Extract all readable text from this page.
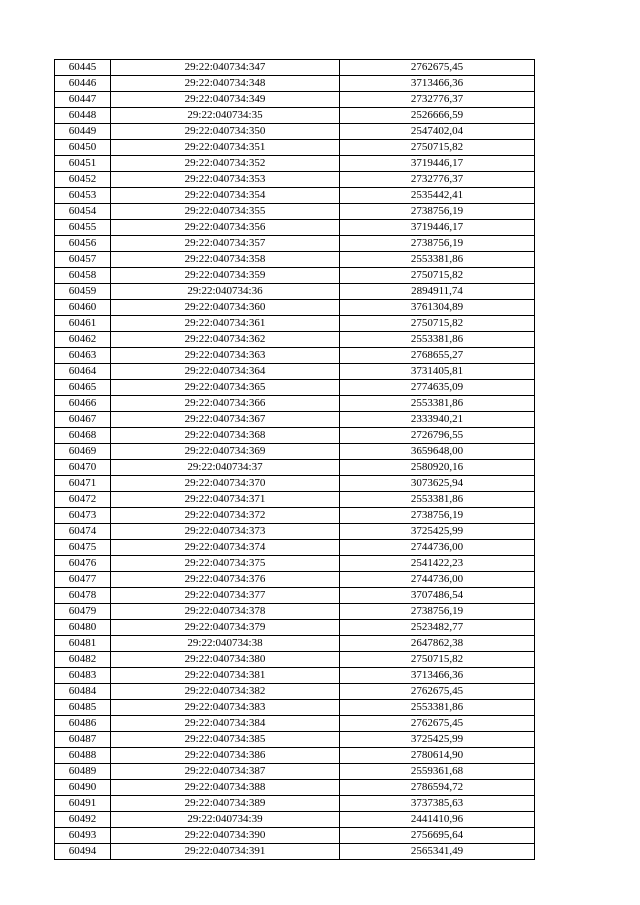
60445	29:22:040734:347	2762675,45
60446	29:22:040734:348	3713466,36
60447	29:22:040734:349	2732776,37
60448	29:22:040734:35	2526666,59
60449	29:22:040734:350	2547402,04
60450	29:22:040734:351	2750715,82
60451	29:22:040734:352	3719446,17
60452	29:22:040734:353	2732776,37
60453	29:22:040734:354	2535442,41
60454	29:22:040734:355	2738756,19
60455	29:22:040734:356	3719446,17
60456	29:22:040734:357	2738756,19
60457	29:22:040734:358	2553381,86
60458	29:22:040734:359	2750715,82
60459	29:22:040734:36	2894911,74
60460	29:22:040734:360	3761304,89
60461	29:22:040734:361	2750715,82
60462	29:22:040734:362	2553381,86
60463	29:22:040734:363	2768655,27
60464	29:22:040734:364	3731405,81
60465	29:22:040734:365	2774635,09
60466	29:22:040734:366	2553381,86
60467	29:22:040734:367	2333940,21
60468	29:22:040734:368	2726796,55
60469	29:22:040734:369	3659648,00
60470	29:22:040734:37	2580920,16
60471	29:22:040734:370	3073625,94
60472	29:22:040734:371	2553381,86
60473	29:22:040734:372	2738756,19
60474	29:22:040734:373	3725425,99
60475	29:22:040734:374	2744736,00
60476	29:22:040734:375	2541422,23
60477	29:22:040734:376	2744736,00
60478	29:22:040734:377	3707486,54
60479	29:22:040734:378	2738756,19
60480	29:22:040734:379	2523482,77
60481	29:22:040734:38	2647862,38
60482	29:22:040734:380	2750715,82
60483	29:22:040734:381	3713466,36
60484	29:22:040734:382	2762675,45
60485	29:22:040734:383	2553381,86
60486	29:22:040734:384	2762675,45
60487	29:22:040734:385	3725425,99
60488	29:22:040734:386	2780614,90
60489	29:22:040734:387	2559361,68
60490	29:22:040734:388	2786594,72
60491	29:22:040734:389	3737385,63
60492	29:22:040734:39	2441410,96
60493	29:22:040734:390	2756695,64
60494	29:22:040734:391	2565341,49
